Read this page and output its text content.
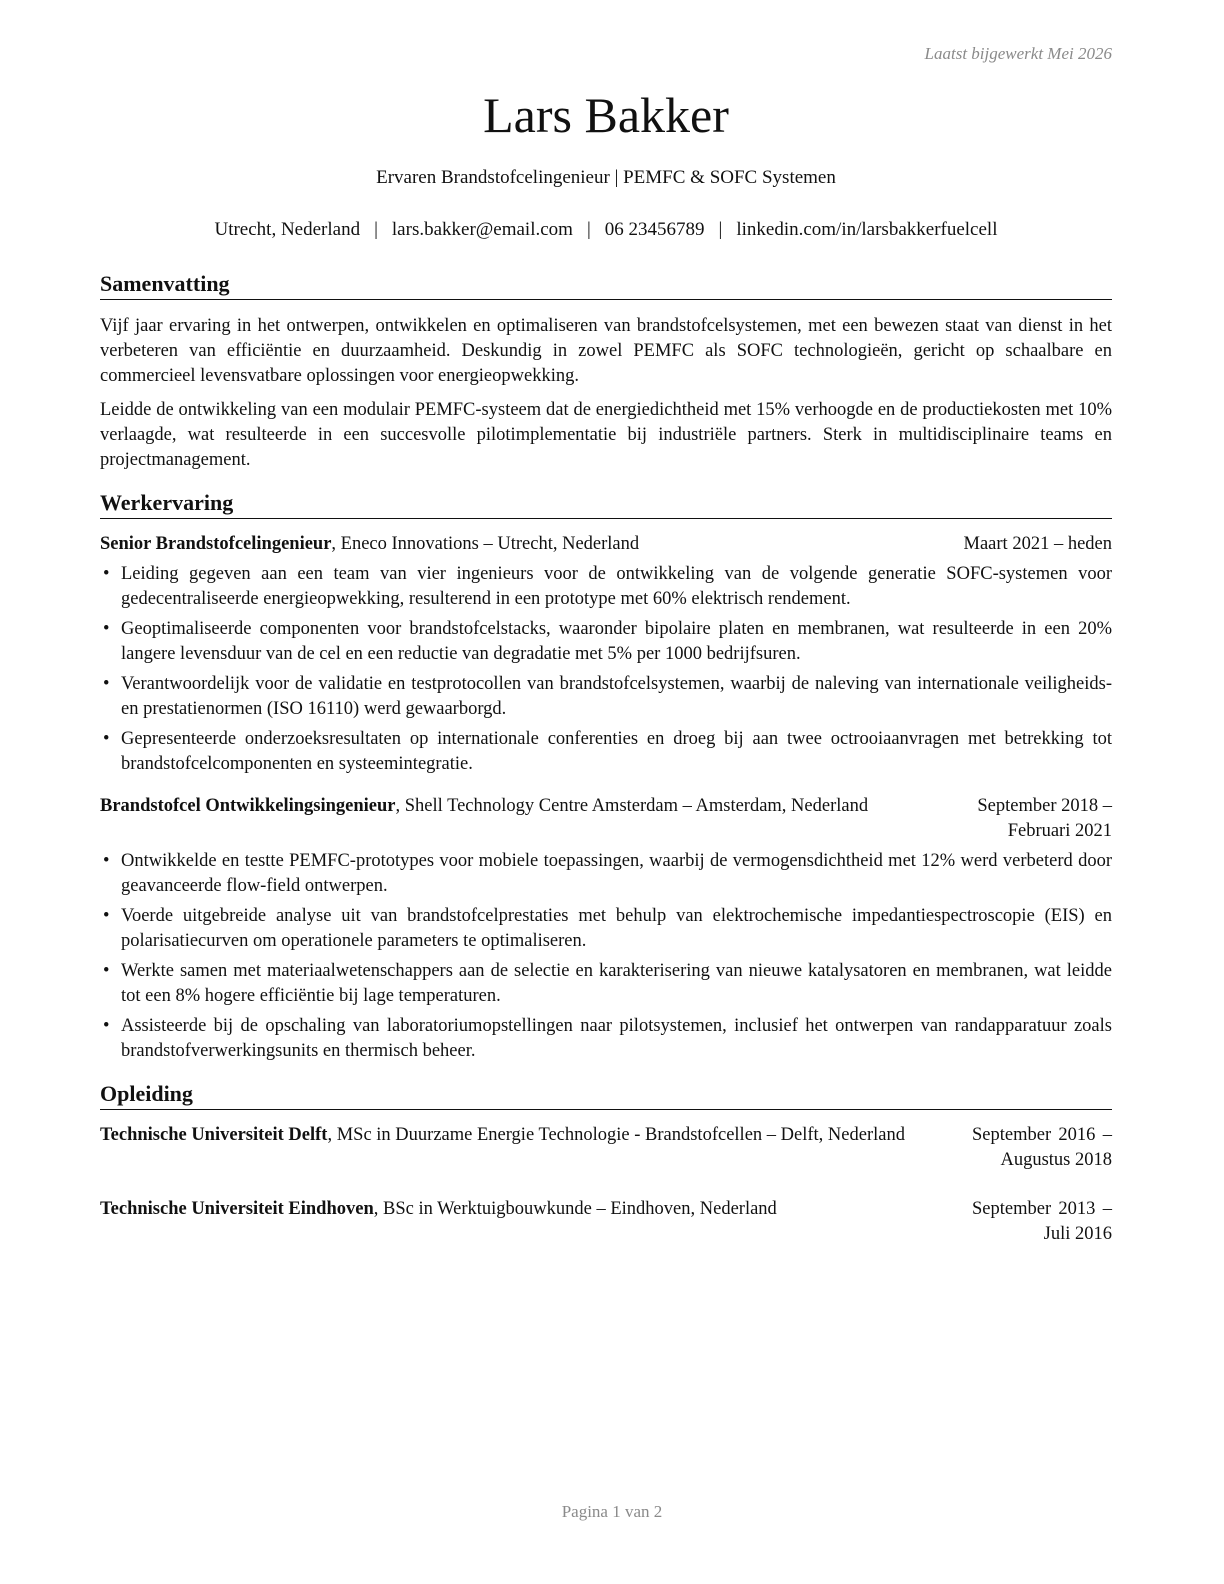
Laatst bijgewerkt Mei 2026
Lars Bakker
Ervaren Brandstofcelingenieur | PEMFC & SOFC Systemen
Utrecht, Nederland | lars.bakker@email.com | 06 23456789 | linkedin.com/in/larsbakkerfuelcell
Samenvatting

Vijf jaar ervaring in het ontwerpen, ontwikkelen en optimaliseren van brandstofcelsystemen, met een bewezen staat van dienst in het verbeteren van efficiëntie en duurzaamheid. Deskundig in zowel PEMFC als SOFC technologieën, gericht op schaalbare en commercieel levensvatbare oplossingen voor energieopwekking.

Leidde de ontwikkeling van een modulair PEMFC-systeem dat de energiedichtheid met 15% verhoogde en de productiekosten met 10% verlaagde, wat resulteerde in een succesvolle pilotimplementatie bij industriële partners. Sterk in multidisciplinaire teams en projectmanagement.

Werkervaring
Senior Brandstofcelingenieur, Eneco Innovations – Utrecht, Nederland	Maart 2021 – heden
• Leiding gegeven aan een team van vier ingenieurs voor de ontwikkeling van de volgende generatie SOFC-systemen voor gedecentraliseerde energieopwekking, resulterend in een prototype met 60% elektrisch rendement.
• Geoptimaliseerde componenten voor brandstofcelstacks, waaronder bipolaire platen en membranen, wat resulteerde in een 20% langere levensduur van de cel en een reductie van degradatie met 5% per 1000 bedrijfsuren.
• Verantwoordelijk voor de validatie en testprotocollen van brandstofcelsystemen, waarbij de naleving van internationale veiligheids- en prestatienormen (ISO 16110) werd gewaarborgd.
• Gepresenteerde onderzoeksresultaten op internationale conferenties en droeg bij aan twee octrooiaanvragen met betrekking tot brandstofcelcomponenten en systeemintegratie.
Brandstofcel Ontwikkelingsingenieur, Shell Technology Centre Amsterdam – Amsterdam, Nederland	September 2018 – Februari 2021
• Ontwikkelde en testte PEMFC-prototypes voor mobiele toepassingen, waarbij de vermogensdichtheid met 12% werd verbeterd door geavanceerde flow-field ontwerpen.
• Voerde uitgebreide analyse uit van brandstofcelprestaties met behulp van elektrochemische impedantiespectroscopie (EIS) en polarisatiecurven om operationele parameters te optimaliseren.
• Werkte samen met materiaalwetenschappers aan de selectie en karakterisering van nieuwe katalysatoren en membranen, wat leidde tot een 8% hogere efficiëntie bij lage temperaturen.
• Assisteerde bij de opschaling van laboratoriumopstellingen naar pilotsystemen, inclusief het ontwerpen van randapparatuur zoals brandstofverwerkingsunits en thermisch beheer.
Opleiding
Technische Universiteit Delft, MSc in Duurzame Energie Technologie - Brandstofcellen – Delft, Nederland	September 2016 – Augustus 2018
Technische Universiteit Eindhoven, BSc in Werktuigbouwkunde – Eindhoven, Nederland	September 2013 – Juli 2016
Pagina 1 van 2
